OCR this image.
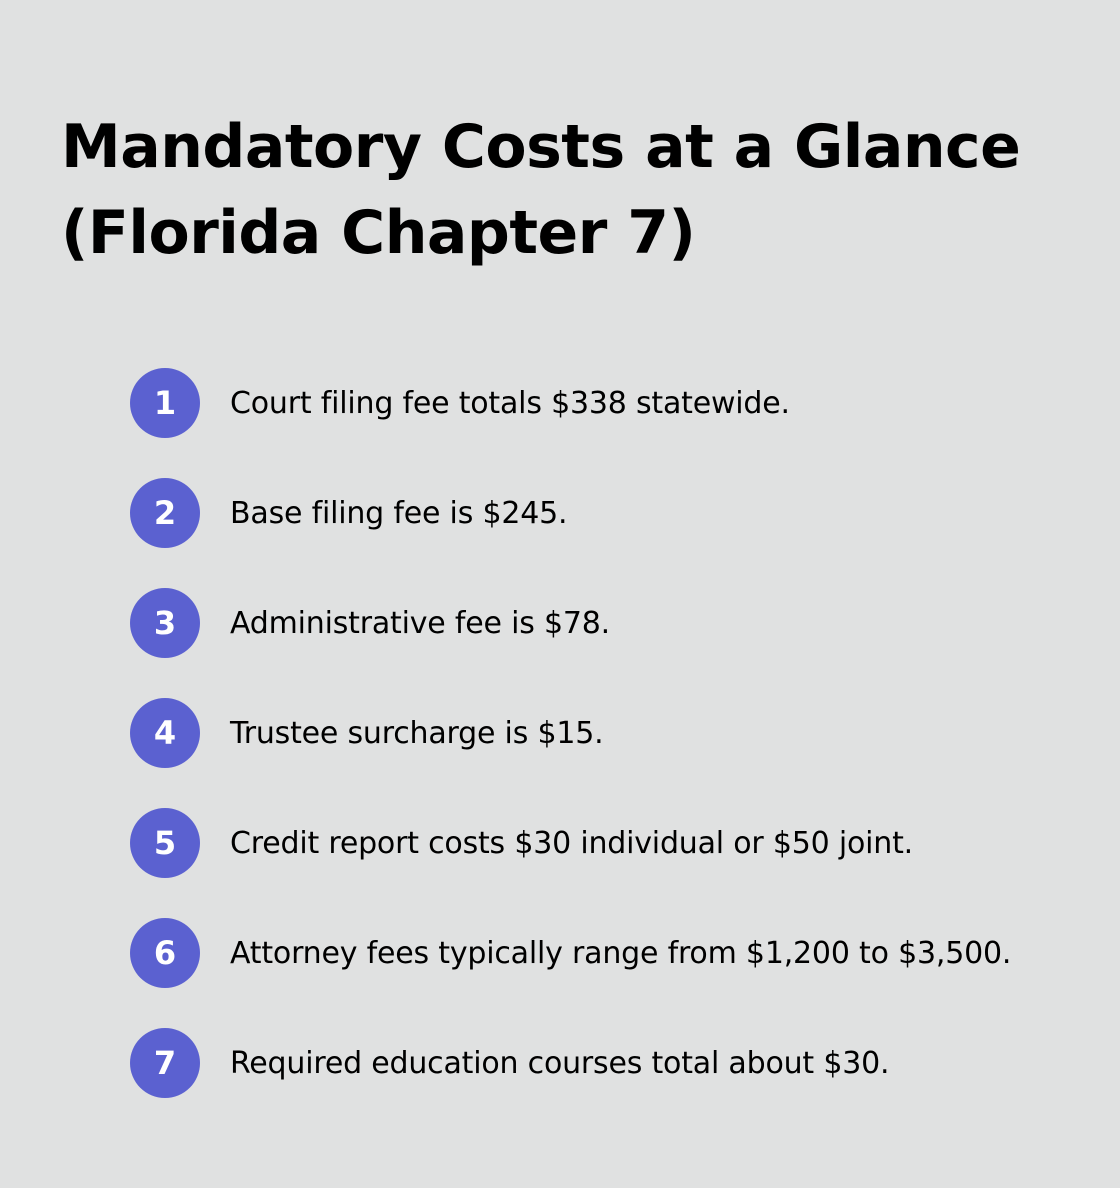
Mandatory Costs at a Glance
(Florida Chapter 7)
1	Court filing fee totals $338 statewide.
2	Base filing fee is $245.
3	Administrative fee is $78.
4	Trustee surcharge is $15.
5	Credit report costs $30 individual or $50 joint.
6	Attorney fees typically range from $1,200 to $3,500.
7	Required education courses total about $30.
